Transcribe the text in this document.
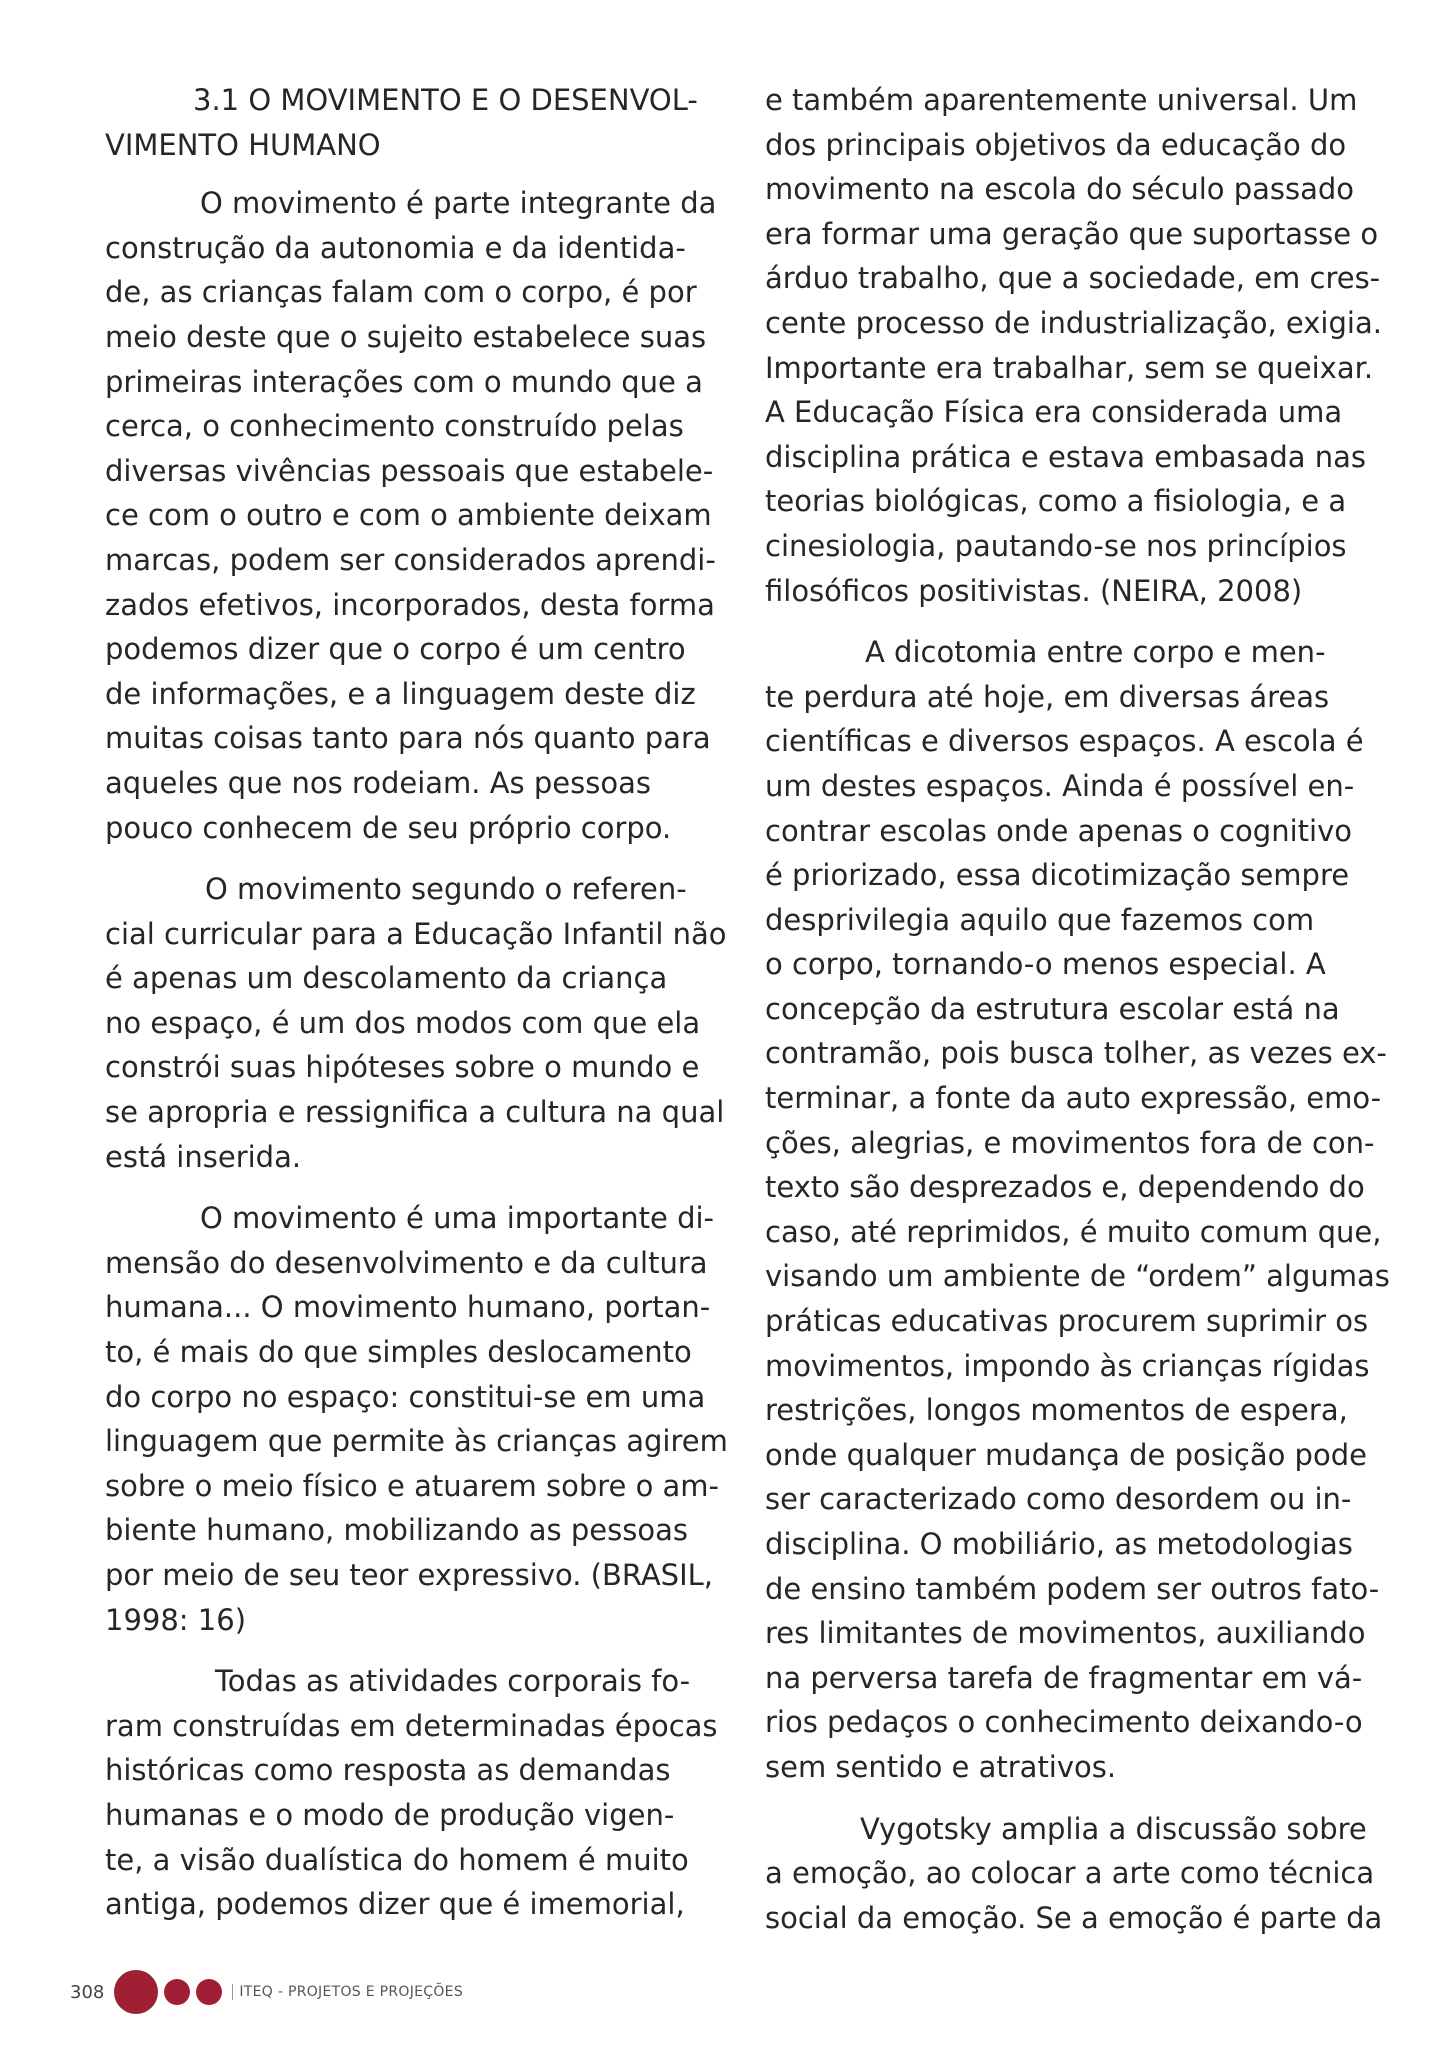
3.1 O MOVIMENTO E O DESENVOL-
VIMENTO HUMANO

O movimento é parte integrante da
construção da autonomia e da identida-
de, as crianças falam com o corpo, é por
meio deste que o sujeito estabelece suas
primeiras interações com o mundo que a
cerca, o conhecimento construído pelas
diversas vivências pessoais que estabele-
ce com o outro e com o ambiente deixam
marcas, podem ser considerados aprendi-
zados efetivos, incorporados, desta forma
podemos dizer que o corpo é um centro
de informações, e a linguagem deste diz
muitas coisas tanto para nós quanto para
aqueles que nos rodeiam. As pessoas
pouco conhecem de seu próprio corpo.

O movimento segundo o referen-
cial curricular para a Educação Infantil não
é apenas um descolamento da criança
no espaço, é um dos modos com que ela
constrói suas hipóteses sobre o mundo e
se apropria e ressignifica a cultura na qual
está inserida.

O movimento é uma importante di-
mensão do desenvolvimento e da cultura
humana... O movimento humano, portan-
to, é mais do que simples deslocamento
do corpo no espaço: constitui-se em uma
linguagem que permite às crianças agirem
sobre o meio físico e atuarem sobre o am-
biente humano, mobilizando as pessoas
por meio de seu teor expressivo. (BRASIL,
1998: 16)

Todas as atividades corporais fo-
ram construídas em determinadas épocas
históricas como resposta as demandas
humanas e o modo de produção vigen-
te, a visão dualística do homem é muito
antiga, podemos dizer que é imemorial,

e também aparentemente universal. Um
dos principais objetivos da educação do
movimento na escola do século passado
era formar uma geração que suportasse o
árduo trabalho, que a sociedade, em cres-
cente processo de industrialização, exigia.
Importante era trabalhar, sem se queixar.
A Educação Física era considerada uma
disciplina prática e estava embasada nas
teorias biológicas, como a fisiologia, e a
cinesiologia, pautando-se nos princípios
filosóficos positivistas. (NEIRA, 2008)

A dicotomia entre corpo e men-
te perdura até hoje, em diversas áreas
científicas e diversos espaços. A escola é
um destes espaços. Ainda é possível en-
contrar escolas onde apenas o cognitivo
é priorizado, essa dicotimização sempre
desprivilegia aquilo que fazemos com
o corpo, tornando-o menos especial. A
concepção da estrutura escolar está na
contramão, pois busca tolher, as vezes ex-
terminar, a fonte da auto expressão, emo-
ções, alegrias, e movimentos fora de con-
texto são desprezados e, dependendo do
caso, até reprimidos, é muito comum que,
visando um ambiente de “ordem” algumas
práticas educativas procurem suprimir os
movimentos, impondo às crianças rígidas
restrições, longos momentos de espera,
onde qualquer mudança de posição pode
ser caracterizado como desordem ou in-
disciplina. O mobiliário, as metodologias
de ensino também podem ser outros fato-
res limitantes de movimentos, auxiliando
na perversa tarefa de fragmentar em vá-
rios pedaços o conhecimento deixando-o
sem sentido e atrativos.

Vygotsky amplia a discussão sobre
a emoção, ao colocar a arte como técnica
social da emoção. Se a emoção é parte da

308	ITEQ - PROJETOS E PROJEÇÕES
